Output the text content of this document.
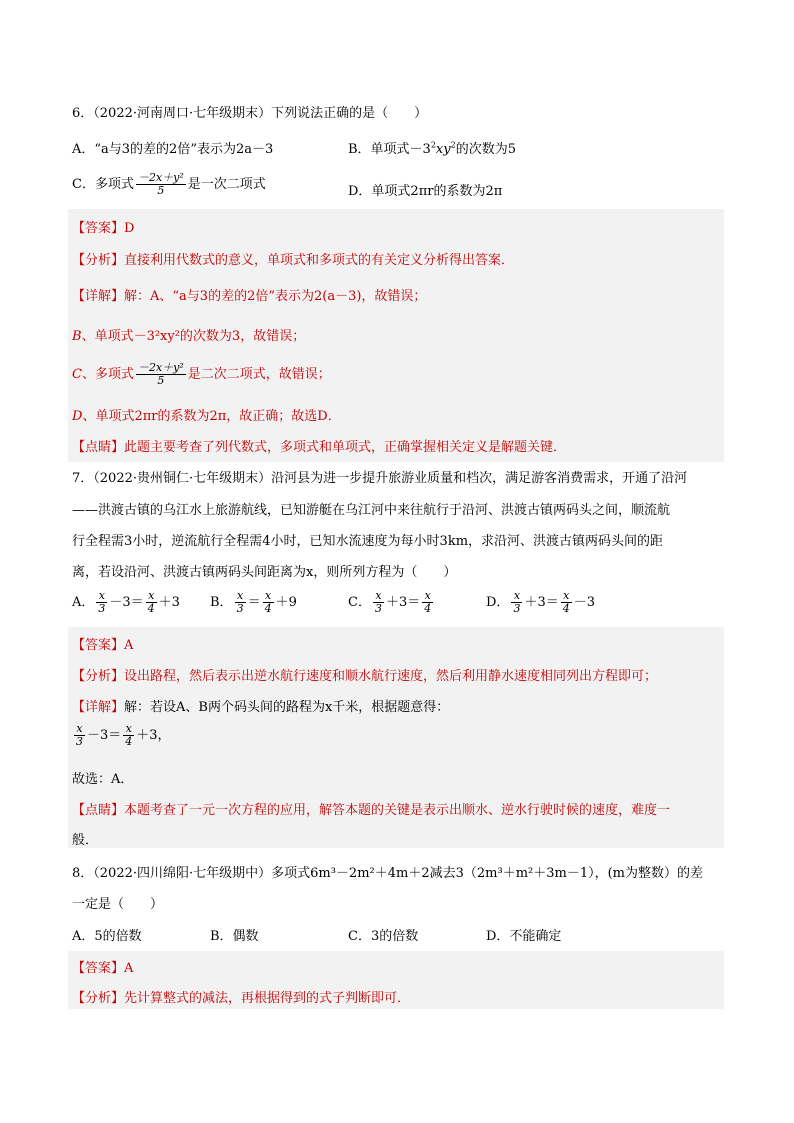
6．（2022·河南周口·七年级期末）下列说法正确的是（　　）
A．“a与3的差的2倍”表示为2a－3	B．单项式$-3^2xy^2$的次数为5
C．多项式 $\frac{\text{－2x＋y²}}{5}$ 是一次二项式	D．单项式2πr的系数为2π
【答案】D
【分析】直接利用代数式的意义，单项式和多项式的有关定义分析得出答案．
【详解】解：A、“a与3的差的2倍”表示为2(a－3)，故错误；
B、单项式－3²xy²的次数为3，故错误；
C、多项式 $\frac{\text{－2x＋y²}}{5}$ 是二次二项式，故错误；
D、单项式2πr的系数为2π，故正确；故选D．
【点睛】此题主要考查了列代数式，多项式和单项式，正确掌握相关定义是解题关键．
7．（2022·贵州铜仁·七年级期末）沿河县为进一步提升旅游业质量和档次，满足游客消费需求，开通了沿河
——洪渡古镇的乌江水上旅游航线，已知游艇在乌江河中来往航行于沿河、洪渡古镇两码头之间，顺流航
行全程需3小时，逆流航行全程需4小时，已知水流速度为每小时3km，求沿河、洪渡古镇两码头间的距
离，若设沿河、洪渡古镇两码头间距离为x，则所列方程为（　　）
A． $\frac{x}{3} -3= \frac{x}{4} +3$ B． $\frac{x}{3} = \frac{x}{4} +9$	C． $\frac{x}{3} +3= \frac{x}{4}$	D． $\frac{x}{3} +3= \frac{x}{4} -3$
【答案】A
【分析】设出路程，然后表示出逆水航行速度和顺水航行速度，然后利用静水速度相同列出方程即可；
【详解】解：若设A、B两个码头间的路程为x千米，根据题意得：
$\frac{x}{3} -3= \frac{x}{4} +3$，
故选：A．
【点睛】本题考查了一元一次方程的应用，解答本题的关键是表示出顺水、逆水行驶时候的速度，难度一
般．
8．（2022·四川绵阳·七年级期中）多项式6m³－2m²＋4m＋2减去3（2m³＋m²＋3m－1），(m为整数）的差
一定是（　　）
A．5的倍数	B．偶数	C．3的倍数	D．不能确定
【答案】A
【分析】先计算整式的减法，再根据得到的式子判断即可．
